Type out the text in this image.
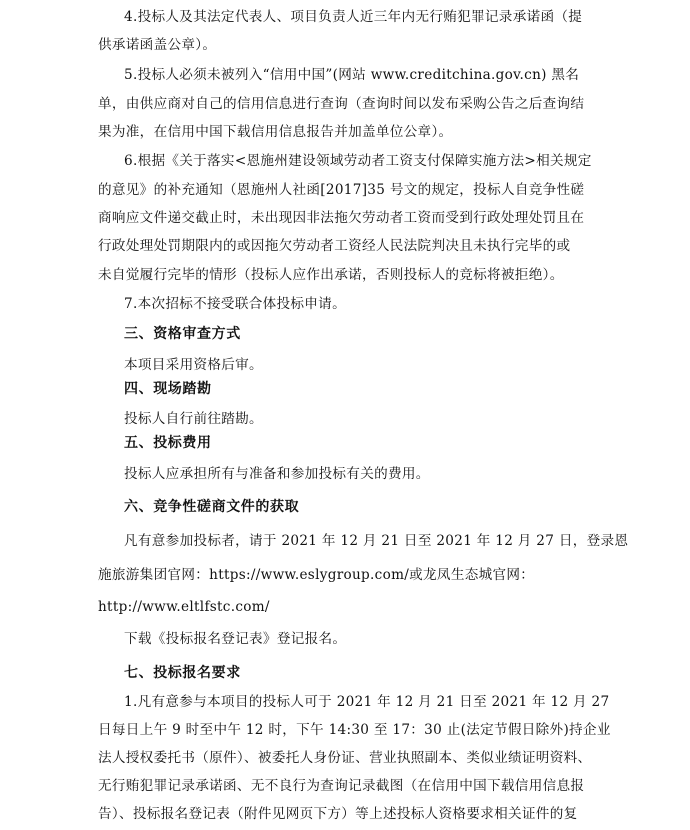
4.投标人及其法定代表人、项目负责人近三年内无行贿犯罪记录承诺函（提
供承诺函盖公章）。
5.投标人必须未被列入“信用中国”(网站 www.creditchina.gov.cn) 黑名
单，由供应商对自己的信用信息进行查询（查询时间以发布采购公告之后查询结
果为准，在信用中国下载信用信息报告并加盖单位公章）。
6.根据《关于落实<恩施州建设领域劳动者工资支付保障实施方法>相关规定
的意见》的补充通知（恩施州人社函[2017]35 号文的规定，投标人自竞争性磋
商响应文件递交截止时，未出现因非法拖欠劳动者工资而受到行政处理处罚且在
行政处理处罚期限内的或因拖欠劳动者工资经人民法院判决且未执行完毕的或
未自觉履行完毕的情形（投标人应作出承诺，否则投标人的竞标将被拒绝）。
7.本次招标不接受联合体投标申请。
三、资格审查方式
本项目采用资格后审。
四、现场踏勘
投标人自行前往踏勘。
五、投标费用
投标人应承担所有与准备和参加投标有关的费用。
六、竞争性磋商文件的获取
凡有意参加投标者，请于 2021 年 12 月 21 日至 2021 年 12 月 27 日，登录恩
施旅游集团官网：https://www.eslygroup.com/或龙凤生态城官网：
http://www.eltlfstc.com/
下载《投标报名登记表》登记报名。
七、投标报名要求
1.凡有意参与本项目的投标人可于 2021 年 12 月 21 日至 2021 年 12 月 27
日每日上午 9 时至中午 12 时，下午 14:30 至 17：30 止(法定节假日除外)持企业
法人授权委托书（原件）、被委托人身份证、营业执照副本、类似业绩证明资料、
无行贿犯罪记录承诺函、无不良行为查询记录截图（在信用中国下载信用信息报
告）、投标报名登记表（附件见网页下方）等上述投标人资格要求相关证件的复
